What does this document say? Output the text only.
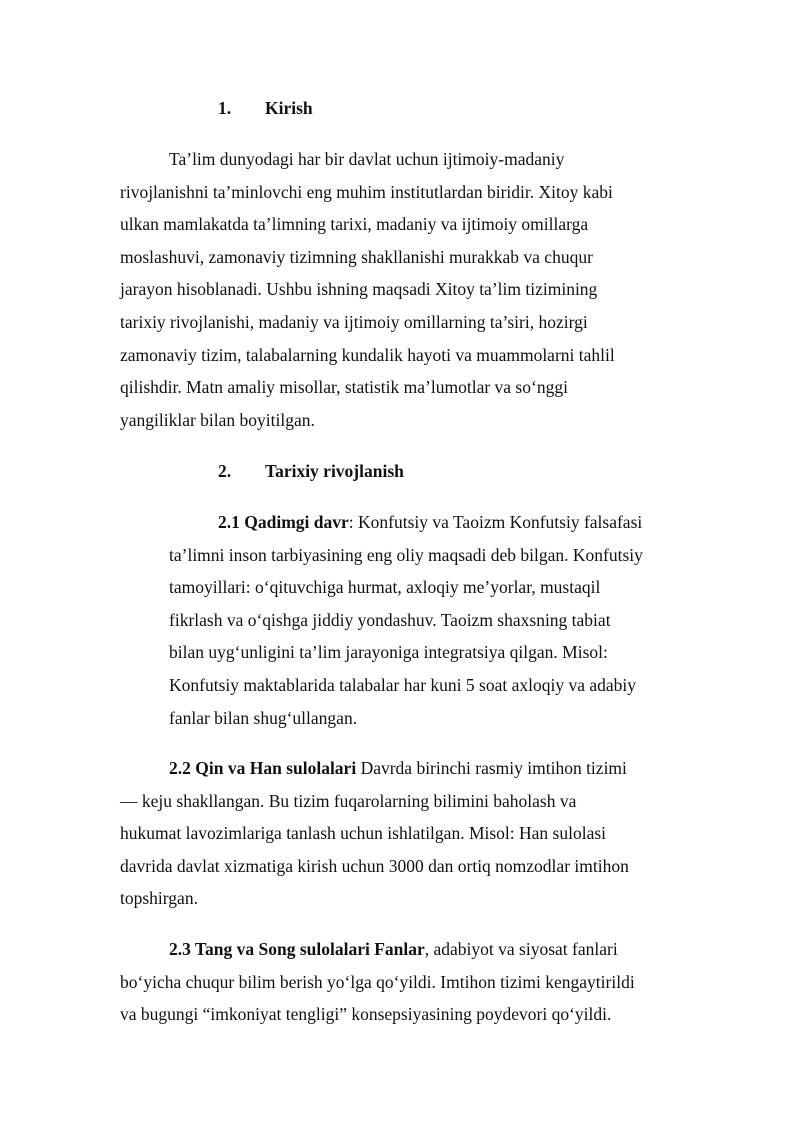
1. Kirish
Ta’lim dunyodagi har bir davlat uchun ijtimoiy-madaniy
rivojlanishni ta’minlovchi eng muhim institutlardan biridir. Xitoy kabi
ulkan mamlakatda ta’limning tarixi, madaniy va ijtimoiy omillarga
moslashuvi, zamonaviy tizimning shakllanishi murakkab va chuqur
jarayon hisoblanadi. Ushbu ishning maqsadi Xitoy ta’lim tizimining
tarixiy rivojlanishi, madaniy va ijtimoiy omillarning ta’siri, hozirgi
zamonaviy tizim, talabalarning kundalik hayoti va muammolarni tahlil
qilishdir. Matn amaliy misollar, statistik ma’lumotlar va so‘nggi
yangiliklar bilan boyitilgan.
2. Tarixiy rivojlanish
2.1 Qadimgi davr: Konfutsiy va Taoizm Konfutsiy falsafasi
ta’limni inson tarbiyasining eng oliy maqsadi deb bilgan. Konfutsiy
tamoyillari: o‘qituvchiga hurmat, axloqiy me’yorlar, mustaqil
fikrlash va o‘qishga jiddiy yondashuv. Taoizm shaxsning tabiat
bilan uyg‘unligini ta’lim jarayoniga integratsiya qilgan. Misol:
Konfutsiy maktablarida talabalar har kuni 5 soat axloqiy va adabiy
fanlar bilan shug‘ullangan.
2.2 Qin va Han sulolalari Davrda birinchi rasmiy imtihon tizimi
— keju shakllangan. Bu tizim fuqarolarning bilimini baholash va
hukumat lavozimlariga tanlash uchun ishlatilgan. Misol: Han sulolasi
davrida davlat xizmatiga kirish uchun 3000 dan ortiq nomzodlar imtihon
topshirgan.
2.3 Tang va Song sulolalari Fanlar, adabiyot va siyosat fanlari
bo‘yicha chuqur bilim berish yo‘lga qo‘yildi. Imtihon tizimi kengaytirildi
va bugungi “imkoniyat tengligi” konsepsiyasining poydevori qo‘yildi.
